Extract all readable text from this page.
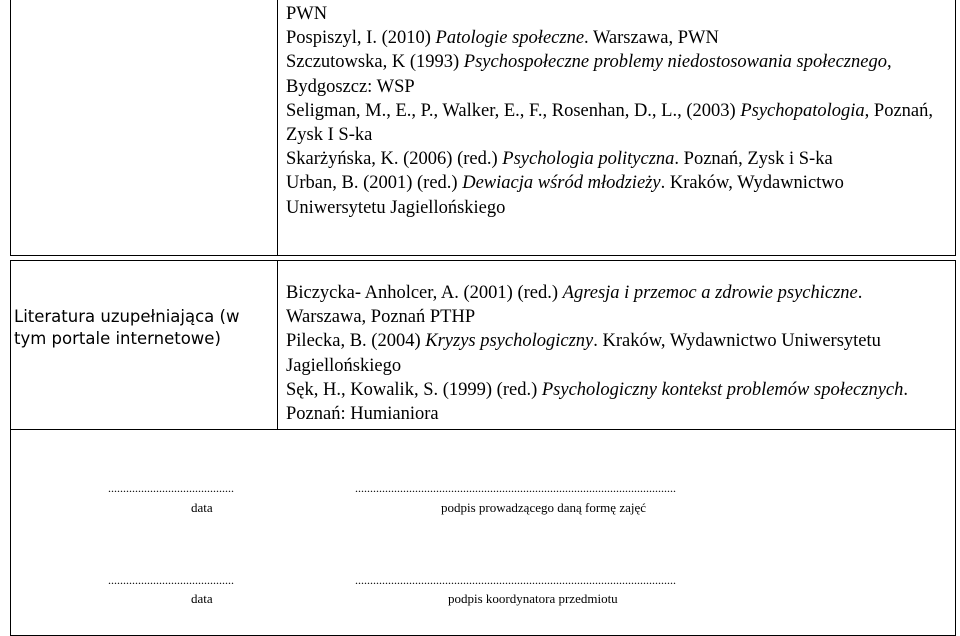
PWN
Pospiszyl, I. (2010) Patologie społeczne. Warszawa, PWN
Szczutowska, K (1993) Psychospołeczne problemy niedostosowania społecznego, Bydgoszcz: WSP
Seligman, M., E., P., Walker, E., F., Rosenhan, D., L., (2003) Psychopatologia, Poznań, Zysk I S-ka
Skarżyńska, K. (2006) (red.) Psychologia polityczna. Poznań, Zysk i S-ka
Urban, B. (2001) (red.) Dewiacja wśród młodzieży. Kraków, Wydawnictwo Uniwersytetu Jagiellońskiego
Literatura uzupełniająca (w tym portale internetowe)
Biczycka- Anholcer, A. (2001) (red.) Agresja i przemoc a zdrowie psychiczne. Warszawa, Poznań PTHP
Pilecka, B. (2004) Kryzys psychologiczny. Kraków, Wydawnictwo Uniwersytetu Jagiellońskiego
Sęk, H., Kowalik, S. (1999) (red.) Psychologiczny kontekst problemów społecznych. Poznań: Humianiora
..........................................
data
...........................................................................................................
podpis prowadzącego daną formę zajęć
..........................................
data
...........................................................................................................
podpis koordynatora przedmiotu
